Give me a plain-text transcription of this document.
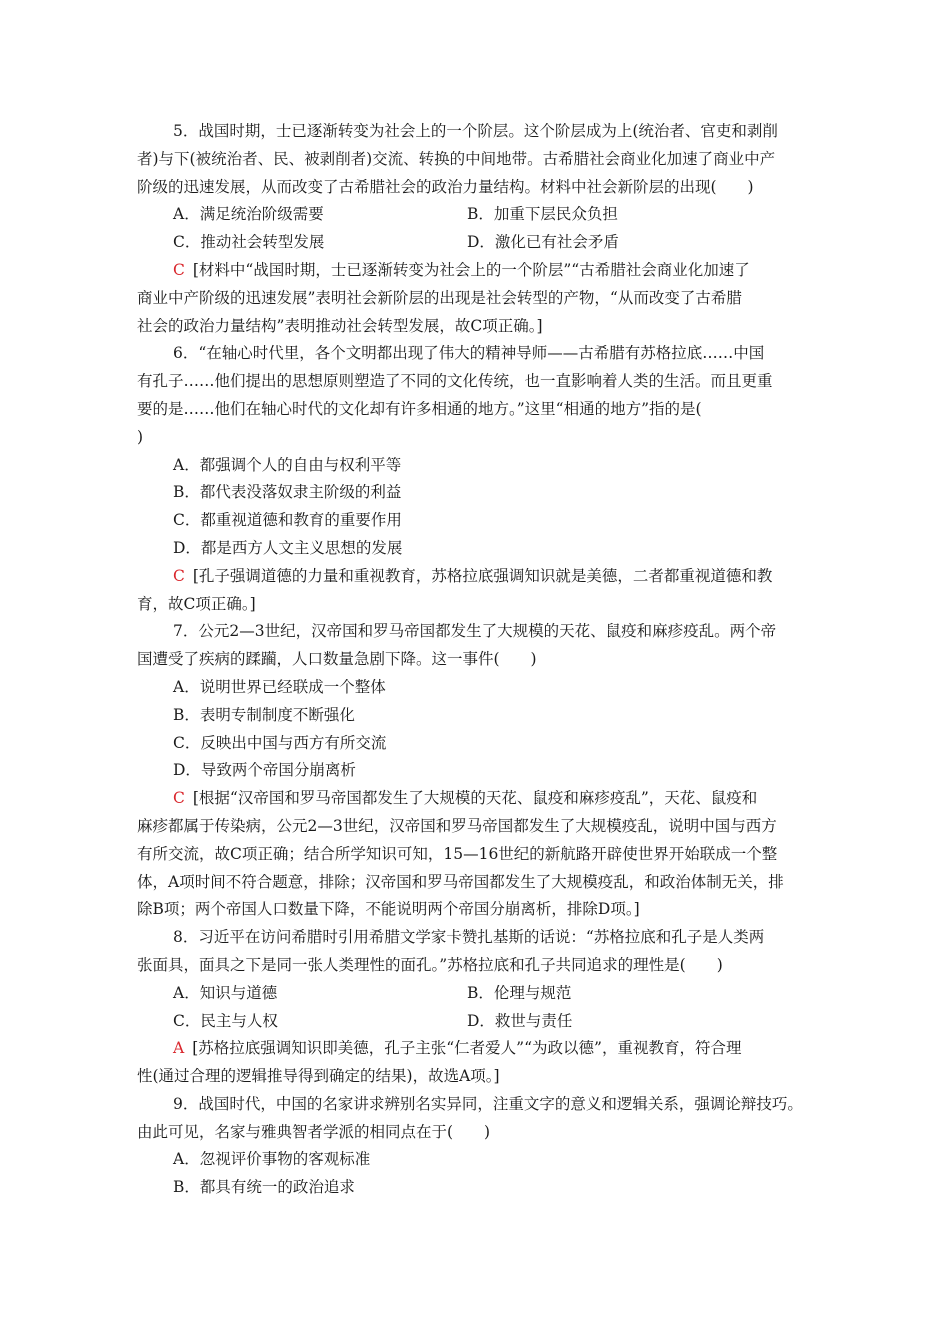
5．战国时期，士已逐渐转变为社会上的一个阶层。这个阶层成为上(统治者、官吏和剥削
者)与下(被统治者、民、被剥削者)交流、转换的中间地带。古希腊社会商业化加速了商业中产
阶级的迅速发展，从而改变了古希腊社会的政治力量结构。材料中社会新阶层的出现(　　)
A．满足统治阶级需要	B．加重下层民众负担
C．推动社会转型发展	D．激化已有社会矛盾
C [材料中“战国时期，士已逐渐转变为社会上的一个阶层”“古希腊社会商业化加速了
商业中产阶级的迅速发展”表明社会新阶层的出现是社会转型的产物，“从而改变了古希腊
社会的政治力量结构”表明推动社会转型发展，故C项正确。]
6．“在轴心时代里，各个文明都出现了伟大的精神导师——古希腊有苏格拉底……中国
有孔子……他们提出的思想原则塑造了不同的文化传统，也一直影响着人类的生活。而且更重
要的是……他们在轴心时代的文化却有许多相通的地方。”这里“相通的地方”指的是(
)
A．都强调个人的自由与权利平等
B．都代表没落奴隶主阶级的利益
C．都重视道德和教育的重要作用
D．都是西方人文主义思想的发展
C [孔子强调道德的力量和重视教育，苏格拉底强调知识就是美德，二者都重视道德和教
育，故C项正确。]
7．公元2—3世纪，汉帝国和罗马帝国都发生了大规模的天花、鼠疫和麻疹疫乱。两个帝
国遭受了疾病的蹂躏，人口数量急剧下降。这一事件(　　)
A．说明世界已经联成一个整体
B．表明专制制度不断强化
C．反映出中国与西方有所交流
D．导致两个帝国分崩离析
C [根据“汉帝国和罗马帝国都发生了大规模的天花、鼠疫和麻疹疫乱”，天花、鼠疫和
麻疹都属于传染病，公元2—3世纪，汉帝国和罗马帝国都发生了大规模疫乱，说明中国与西方
有所交流，故C项正确；结合所学知识可知，15—16世纪的新航路开辟使世界开始联成一个整
体，A项时间不符合题意，排除；汉帝国和罗马帝国都发生了大规模疫乱，和政治体制无关，排
除B项；两个帝国人口数量下降，不能说明两个帝国分崩离析，排除D项。]
8．习近平在访问希腊时引用希腊文学家卡赞扎基斯的话说：“苏格拉底和孔子是人类两
张面具，面具之下是同一张人类理性的面孔。”苏格拉底和孔子共同追求的理性是(　　)
A．知识与道德	B．伦理与规范
C．民主与人权	D．救世与责任
A [苏格拉底强调知识即美德，孔子主张“仁者爱人”“为政以德”，重视教育，符合理
性(通过合理的逻辑推导得到确定的结果)，故选A项。]
9．战国时代，中国的名家讲求辨别名实异同，注重文字的意义和逻辑关系，强调论辩技巧。
由此可见，名家与雅典智者学派的相同点在于(　　)
A．忽视评价事物的客观标准
B．都具有统一的政治追求
